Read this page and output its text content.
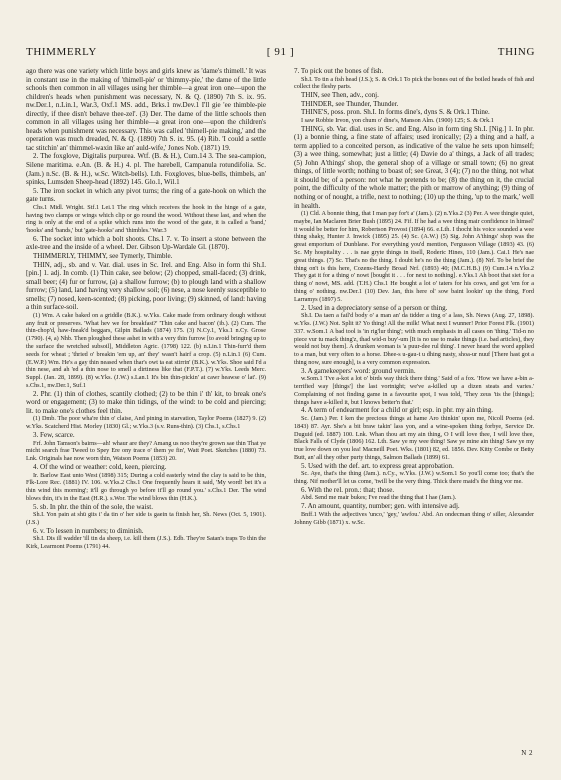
THIMMERLY	[ 91 ]	THING

ago there was one variety which little boys and girls knew as 'dame's thimell.' It was in constant use in the making of 'thimell-pie' or 'thimmy-pie,' the dame of the little schools then common in all villages using her thimble—a great iron one—upon the children's heads when punishment was necessary, N. & Q. (1890) 7th S. ix. 95. nw.Der.1, n.Lin.1, War.3, Oxf.1 MS. add., Brks.1 nw.Dev.1 I'll gie 'ee thimble-pie directly, if thee disn't behave thee-zel'. (3) Der. The dame of the little schools then common in all villages using her thimble—a great iron one—upon the children's heads when punishment was necessary. This was called 'thimell-pie making,' and the operation was much dreaded, N. & Q. (1890) 7th S. ix. 95. (4) Rib. 'I could a settle tac stitchin' an' thimmel-waxin like an' auld-wife,' Jones Nob. (1871) 19.

2. The foxglove, Digitalis purpurea. Wtf. (B. & H.), Cum.14 3. The sea-campion, Silene maritima. e.An. (B. & H.) 4. pl. The harebell, Campanula rotundifolia. Sc. (Jam.) n.Sc. (B. & H.), w.Sc. Witch-bells). Lth. Foxgloves, blue-bells, thimbels, an' spinks, Lumsden Sheep-head (1892) 145. Glo.1, Wil.1

5. The iron socket in which any pivot turns; the ring of a gate-hook on which the gate turns.

Chs.1 Midl. Wright. Stf.1 Lei.1 The ring which receives the hook in the hinge of a gate, having two clamps or wings which clip or go round the wood. Without these last, and when the ring is only at the end of a spike which runs into the wood of the gate, it is called a 'band,' 'hooks' and 'bands,' but 'gate-hooks' and 'thimbles.' War.3

6. The socket into which a bolt shoots. Chs.1 7. v. To insert a stone between the axle-tree and the inside of a wheel. Der. Gibson Up-Wardale Gl. (1870).

THIMMERLY, THIMMY, see Tymerly, Thimble.

THIN, adj., sb. and v. Var. dial. uses in Sc. Irel. and Eng. Also in form thi Sh.I. [pin.] 1. adj. In comb. (1) Thin cake, see below; (2) chopped, small-faced; (3) drink, small beer; (4) fur or furrow, (a) a shallow furrow; (b) to plough land with a shallow furrow; (5) land, land having very shallow soil; (6) nese, a nose keenly susceptible to smells; (7) nosed, keen-scented; (8) picking, poor living; (9) skinned, of land: having a thin surface-soil.

(1) Wm. A cake baked on a griddle (B.K.). w.Yks. Cake made from ordinary dough without any fruit or preserves. 'What hev we for breakfast?' 'Thin cake and bacon' (ib.). (2) Cum. The thin-chop'd, haw-fneak'd beggars, Gilpin Ballads (1874) 175. (3) N.Cy.1, Yks.1 n.Cy. Grose (1790). (4, a) Nhb. Then ploughed these ashet in with a very thin furrow [to avoid bringing up to the surface the wretched subsoil], Middleton Agric. (1798) 122. (b) n.Lin.1 Thin-furr'd them seeds for wheat ; 'thried o' breakin 'em up, an' they' wasn't hairf a crop. (5) n.Lin.1 (6) Cum. (E.W.P.) Wm. He's a gay thin neased when thar's owt ta eat stirrin' (B.K.). w.Yks. Shoe said I'd a thin nese, and ah 'ed a thin nose to smell a dirtiness like that (F.P.T.). (7) w.Yks. Leeds Merc. Suppl. (Jan. 28, 1899). (8) w.Yks. (J.W.) s.Lan.1 It's bin thin-pickin' at cawr heawse o' lat'. (9) s.Chs.1, nw.Der.1, Suf.1

2. Phr. (1) thin of clothes, scantily clothed; (2) to be thin i' th' kit, to break one's word or engagement; (3) to make thin tidings, of the wind: to be cold and piercing; lit. to make one's clothes feel thin.

(1) Dmb. The poor wha're thin o' claise, And pining in starvation, Taylor Poems (1827) 9. (2) w.Yks. Scatcherd Hist. Morley (1830) Gl.; w.Yks.3 (s.v. Runs-thin). (3) Chs.1, s.Chs.1

3. Few, scarce.

Frf. John Tamson's bairns—ah! whaur are they? Amang us noo they're grown sae thin That ye micht search frae Tweed to Spey Ere ony trace o' them ye fin', Watt Poet. Sketches (1880) 73. Lnk. Originals hae now worn thin, Watson Poems (1853) 20.

4. Of the wind or weather: cold, keen, piercing.

Ir. Barlow East unto West (1898) 315; During a cold easterly wind the clay is said to be thin, Flk-Lore Rec. (1881) IV. 106. w.Yks.2 Chs.1 One frequently hears it said, 'My word! bet it's a thin wind this morning'; it'll go through yo before it'll go round you.' s.Chs.1 Der. The wind blows thin, it's in the East (H.R.). s.Wor. The wind blows thin (H.K.).

5. sb. In phr. the thin of the sole, the waist.

Sh.I. Yon pain at shü gits i' da tin o' her side is gaein ta finish her, Sh. News (Oct. 5, 1901). (J.S.)

6. v. To lessen in numbers; to diminish.

Sh.I. Dis ill wadder 'ill tin da sheep, i.e. kill them (J.S.). Edb. They're Satan's traps To thin the Kirk, Learmont Poems (1791) 44.

7. To pick out the bones of fish.

Sh.I. To tin a fish head (J.S.); S. & Ork.1 To pick the bones out of the boiled heads of fish and collect the fleshy parts.

THIN, see Then, adv., conj.

THINDER, see Thunder, Thunder.

THINE'S, poss. pron. Sh.I. In forms dine's, dyns S. & Ork.1 Thine.

I saw Robbie Irvon, yon chum o' dine's, Manson Alm. (1900) 125; S. & Ork.1

THING, sb. Var. dial. uses in Sc. and Eng. Also in form ting Sh.I. [Nig.] 1. In phr. (1) a bonnie thing, a fine state of affairs; used ironically; (2) a thing and a half, a term applied to a conceited person, as indicative of the value he sets upon himself; (3) a wee thing, somewhat; just a little; (4) Davie do a' things, a Jack of all trades; (5) John A'things' shop, the general shop of a village or small town; (6) no great things, of little worth; nothing to boast of; see Great, 3 (4); (7) no the thing, not what it should be; of a person: not what he pretends to be; (8) the thing on it, the crucial point, the difficulty of the whole matter; the pith or marrow of anything; (9) thing of nothing or of nought, a trifle, next to nothing; (10) up the thing, 'up to the mark,' well in health.

(1) Cld. A bonnie thing, that I man pay for't a' (Jam.). (2) n.Yks.2 (3) Per. A wee thingie quiet, maybe, Ian Maclaren Brier Bush (1895) 24. Fif. If he had a wee thing mair confidence in himsel' it would be better for him, Robertson Provost (1894) 66. e.Lth. I thocht his voice sounded a wee thing shaky, Hunter J. Inwick (1895) 25. (4) Sc. (A.W.) (5) Sig. John A'things' shop was the great emporium of Dunblane. For everything you'd mention, Fergusson Village (1893) 43. (6) Sc. My hospitality . . . is nae gryte things in itsell, Roderic Hines, 110 (Jam.). Cai.1 He's nae great things. (7) Sc. That's no the thing. I doubt he's no the thing (Jam.). (8) Nrf. To be brief the thing on't is this here, Cozens-Hardy Broad Nrf. (1893) 40; (M.C.H.B.) (9) Cum.14 n.Yks.2 They gat it for a thing o' nowt [bought it . . . for next to nothing]. e.Yks.1 Ah boot that siet for a thing o' nowt, MS. add. (T.H.) Chs.1 He bought a lot o' taters for his cows, and got 'em for a thing o' nothing. nw.Der.1 (10) Dev. Jan, this here ol' sow baint lookin' up the thing, Ford Larramys (1897) 5.

2. Used in a depreciatory sense of a person or thing.

Sh.I. Da taen a fail'd body o' a man an' da tidder a ting o' a lass, Sh. News (Aug. 27, 1898). w.Yks. (J.W.) Not. Split it? Yo thing! All the milk! What next I wunner! Prior Forest Flk. (1901) 337. w.Som.1 A bad tool is 'in rig'lur thing'; with much emphasis in all cases on 'thing.' Tid-n no piece vur tu mack thing'z, thad wid-n buy'-um [It is no use to make things (i.e. bad articles), they would not buy them]. A drunken woman is 'a puur-dee rul thing'. I never heard the word applied to a man, but very often to a horse. Dhee-s u-gau-t u dhing nasty, shoa-ur nuuf [There hast got a thing now, sure enough], is a very common expression.

3. A gamekeepers' word: ground vermin.

w.Som.1 'I've a-kot a lot o' birds way thick there thing.' Said of a fox. 'How we have a-bin a-terrified way [things'] the last vortnight; we've a-killed up a dizen steats and varies.' Complaining of not finding game in a favourite spot, I was told, 'They zeus 'tis the [things]; things have a-killed it, but I knows better'n that.'

4. A term of endearment for a child or girl; esp. in phr. my ain thing.

Sc. (Jam.) Per. I ken the precious things at hame Aro thinkin' upon me, Nicoll Poems (ed. 1843) 87. Ayr. She's a bit braw takin' lass yon, and a wine-spoken thing forbye, Service Dr. Duguid (ed. 1887) 100. Lnk. Whan thou art my ain thing, O I will love thee, I will love thee, Black Falls of Clyde (1806) 162. Lth. Saw ye my wee thing! Saw ye mine ain thing! Saw ye my true love down on you lea! Macneill Poet. Wks. (1801) 82, ed. 1856. Dev. Kitty Combe or Betty Butt, an' all they other purty things, Salmon Ballads (1899) 61.

5. Used with the def. art. to express great approbation.

Sc. Aye, that's the thing (Jam.). n.Cy., w.Yks. (J.W.) w.Som.1 So you'll come too; that's the thing. Nif mother'll let us come, 'twill be the very thing. Thick there maid's the thing vor me.

6. With the rel. pron.: that; those.

Abd. Send me mair bukes; I've read the thing that I hae (Jam.).

7. An amount, quantity, number; gen. with intensive adj.

Bnff.1 With the adjectives 'unco,' 'gey,' 'awfou.' Abd. An ondecman thing o' siller, Alexander Johnny Gibb (1871) x. w.Sc.

N 2
